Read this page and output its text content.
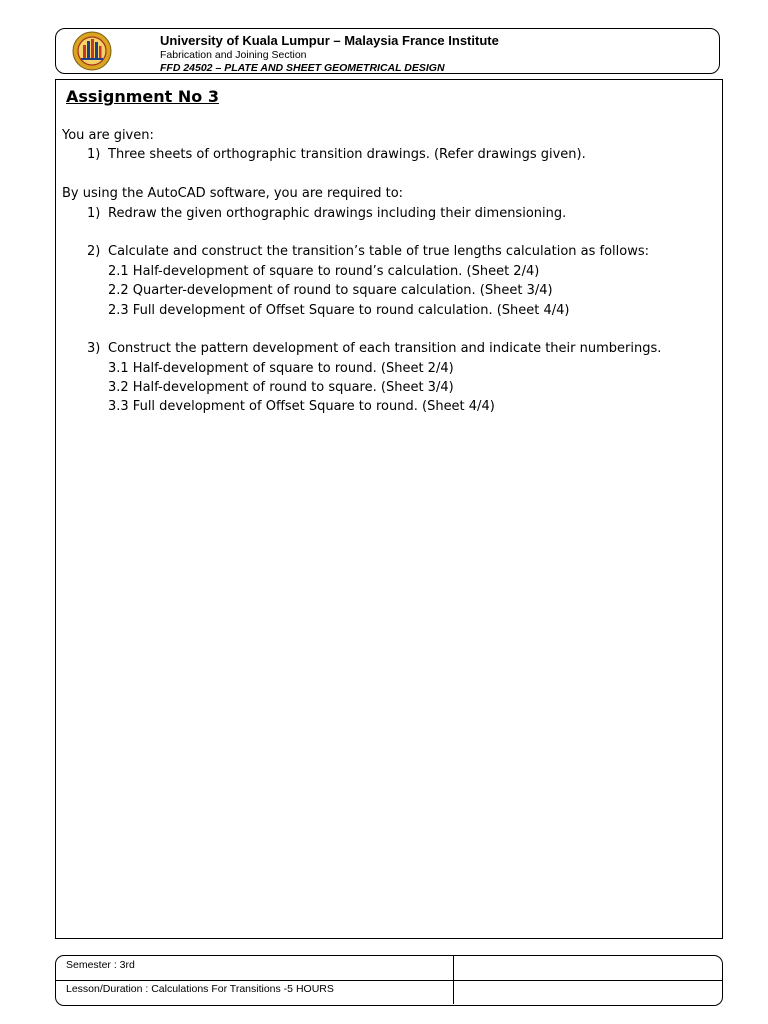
University of Kuala Lumpur – Malaysia France Institute
Fabrication and Joining Section
FFD 24502 – PLATE AND SHEET GEOMETRICAL DESIGN
Assignment No 3
You are given:
1) Three sheets of orthographic transition drawings. (Refer drawings given).
By using the AutoCAD software, you are required to:
1) Redraw the given orthographic drawings including their dimensioning.
2) Calculate and construct the transition’s table of true lengths calculation as follows:
2.1 Half-development of square to round’s calculation. (Sheet 2/4)
2.2 Quarter-development of round to square calculation. (Sheet 3/4)
2.3 Full development of Offset Square to round calculation. (Sheet 4/4)
3) Construct the pattern development of each transition and indicate their numberings.
3.1 Half-development of square to round. (Sheet 2/4)
3.2 Half-development of round to square. (Sheet 3/4)
3.3 Full development of Offset Square to round. (Sheet 4/4)
Semester : 3rd
Lesson/Duration : Calculations For Transitions -5 HOURS
